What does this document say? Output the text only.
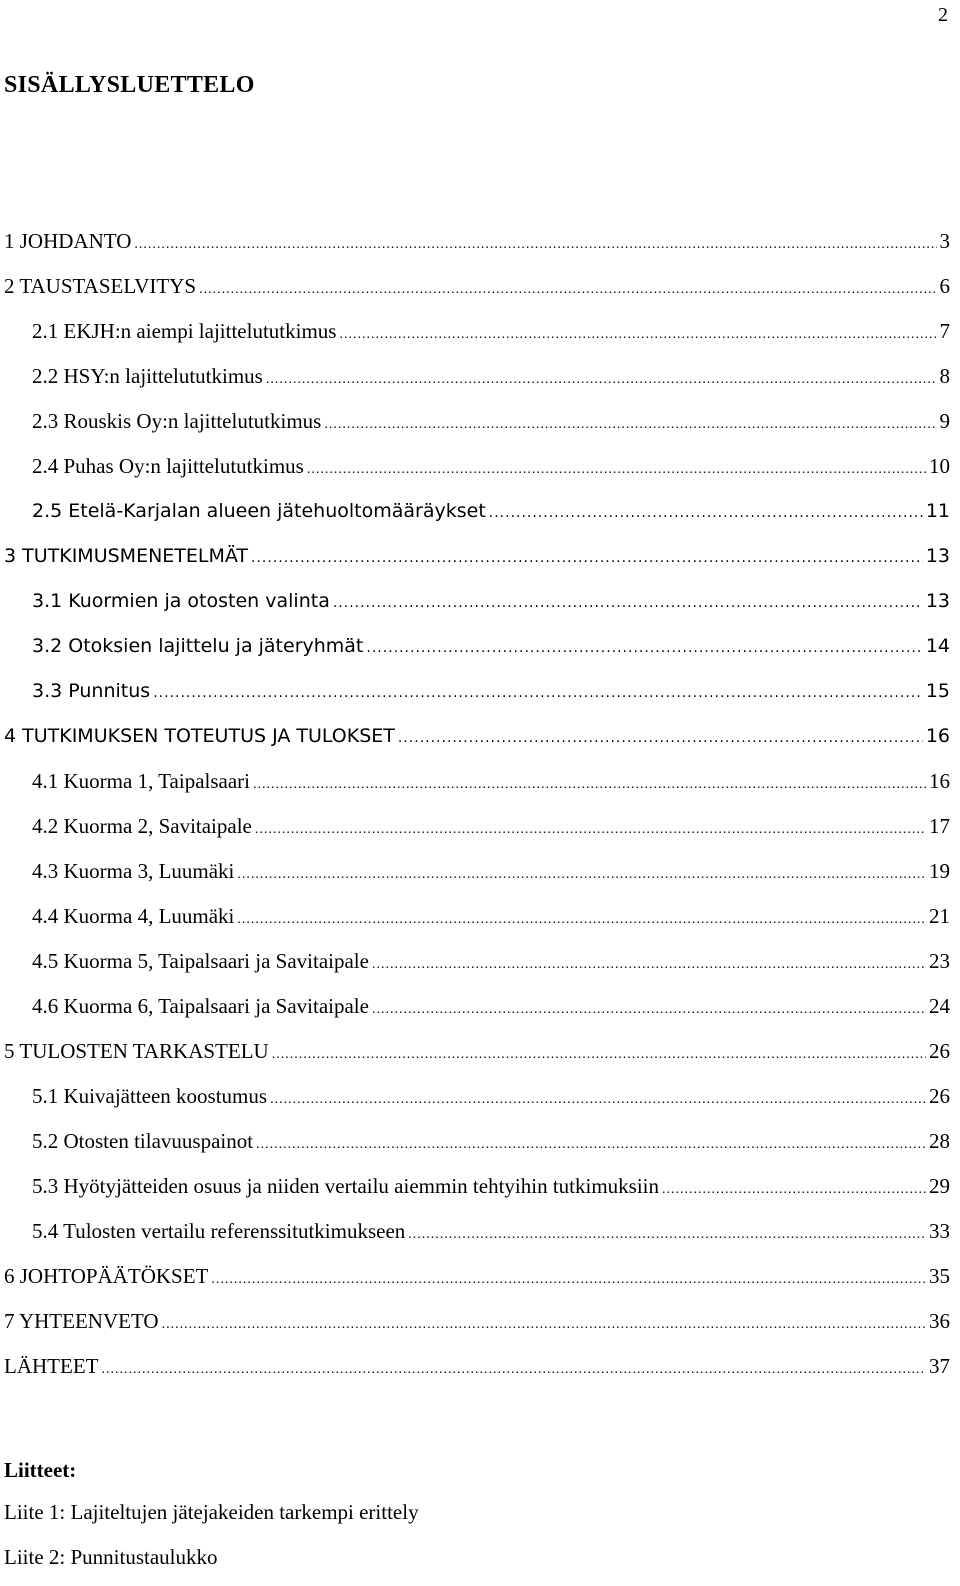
2
SISÄLLYSLUETTELO
1 JOHDANTO .....	3
2 TAUSTASELVITYS .....	6
2.1 EKJH:n aiempi lajittelututkimus .....	7
2.2 HSY:n lajittelututkimus .....	8
2.3 Rouskis Oy:n lajittelututkimus .....	9
2.4 Puhas Oy:n lajittelututkimus .....	10
2.5 Etelä-Karjalan alueen jätehuoltomääräykset .....	11
3 TUTKIMUSMENETELMÄT .....	13
3.1 Kuormien ja otosten valinta .....	13
3.2 Otoksien lajittelu ja jäteryhmät .....	14
3.3 Punnitus .....	15
4 TUTKIMUKSEN TOTEUTUS JA TULOKSET .....	16
4.1 Kuorma 1, Taipalsaari .....	16
4.2 Kuorma 2, Savitaipale .....	17
4.3 Kuorma 3, Luumäki .....	19
4.4 Kuorma 4, Luumäki .....	21
4.5 Kuorma 5, Taipalsaari ja Savitaipale .....	23
4.6 Kuorma 6, Taipalsaari ja Savitaipale .....	24
5 TULOSTEN TARKASTELU .....	26
5.1 Kuivajätteen koostumus .....	26
5.2 Otosten tilavuuspainot .....	28
5.3 Hyötyjätteiden osuus ja niiden vertailu aiemmin tehtyihin tutkimuksiin .....	29
5.4 Tulosten vertailu referenssitutkimukseen .....	33
6 JOHTOPÄÄTÖKSET .....	35
7 YHTEENVETO .....	36
LÄHTEET .....	37
Liitteet:
Liite 1: Lajiteltujen jätejakeiden tarkempi erittely
Liite 2: Punnitustaulukko
